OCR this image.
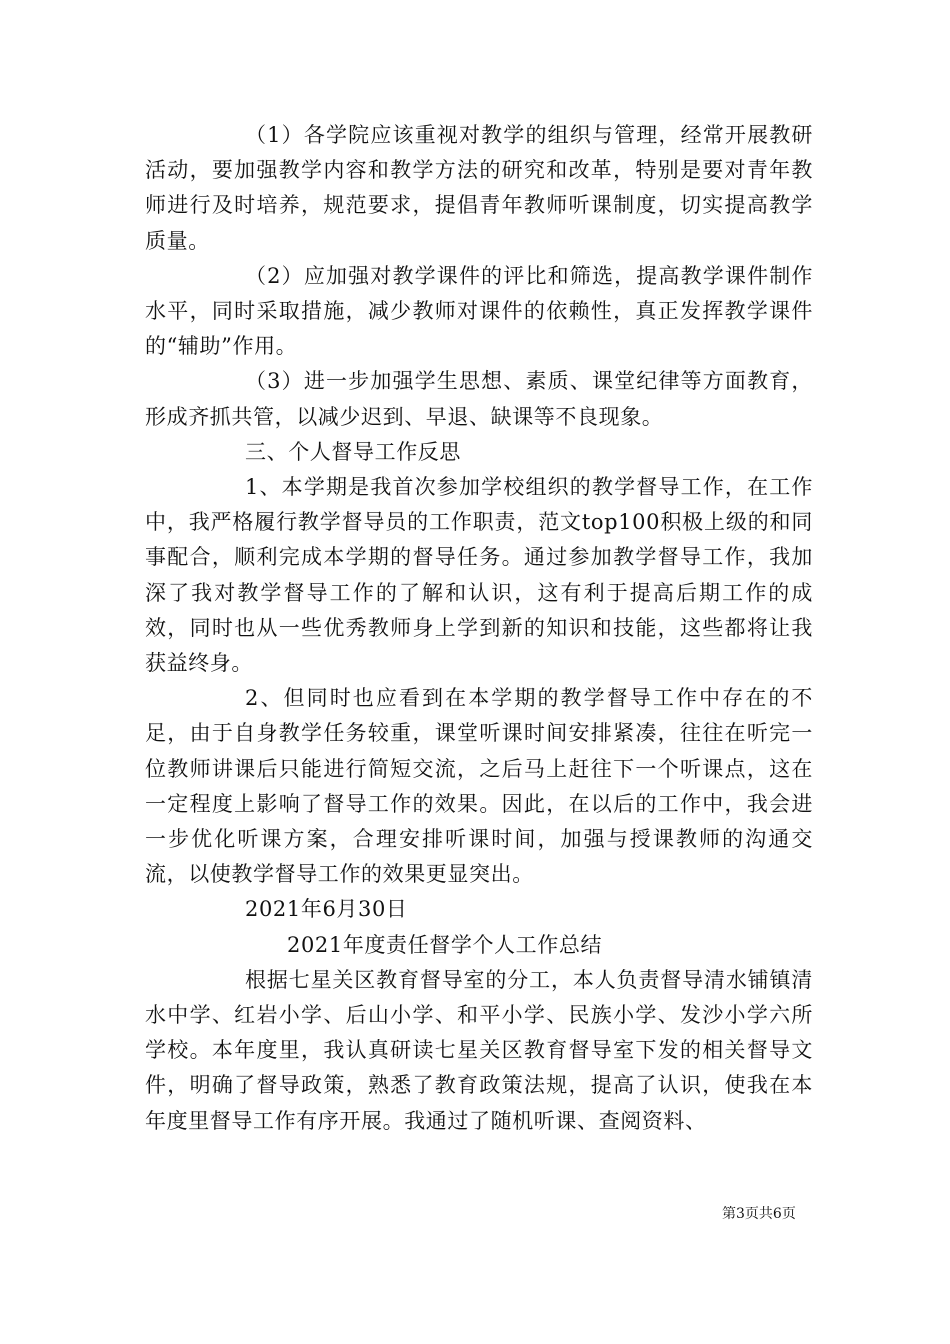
（1）各学院应该重视对教学的组织与管理，经常开展教研活动，要加强教学内容和教学方法的研究和改革，特别是要对青年教师进行及时培养，规范要求，提倡青年教师听课制度，切实提高教学质量。

（2）应加强对教学课件的评比和筛选，提高教学课件制作水平，同时采取措施，减少教师对课件的依赖性，真正发挥教学课件的“辅助”作用。

（3）进一步加强学生思想、素质、课堂纪律等方面教育，形成齐抓共管，以减少迟到、早退、缺课等不良现象。

三、个人督导工作反思

1、本学期是我首次参加学校组织的教学督导工作，在工作中，我严格履行教学督导员的工作职责，范文top100积极上级的和同事配合，顺利完成本学期的督导任务。通过参加教学督导工作，我加深了我对教学督导工作的了解和认识，这有利于提高后期工作的成效，同时也从一些优秀教师身上学到新的知识和技能，这些都将让我获益终身。

2、但同时也应看到在本学期的教学督导工作中存在的不足，由于自身教学任务较重，课堂听课时间安排紧凑，往往在听完一位教师讲课后只能进行简短交流，之后马上赶往下一个听课点，这在一定程度上影响了督导工作的效果。因此，在以后的工作中，我会进一步优化听课方案，合理安排听课时间，加强与授课教师的沟通交流，以使教学督导工作的效果更显突出。

2021年6月30日

2021年度责任督学个人工作总结

根据七星关区教育督导室的分工，本人负责督导清水铺镇清水中学、红岩小学、后山小学、和平小学、民族小学、发沙小学六所学校。本年度里，我认真研读七星关区教育督导室下发的相关督导文件，明确了督导政策，熟悉了教育政策法规，提高了认识，使我在本年度里督导工作有序开展。我通过了随机听课、查阅资料、

第3页共6页
